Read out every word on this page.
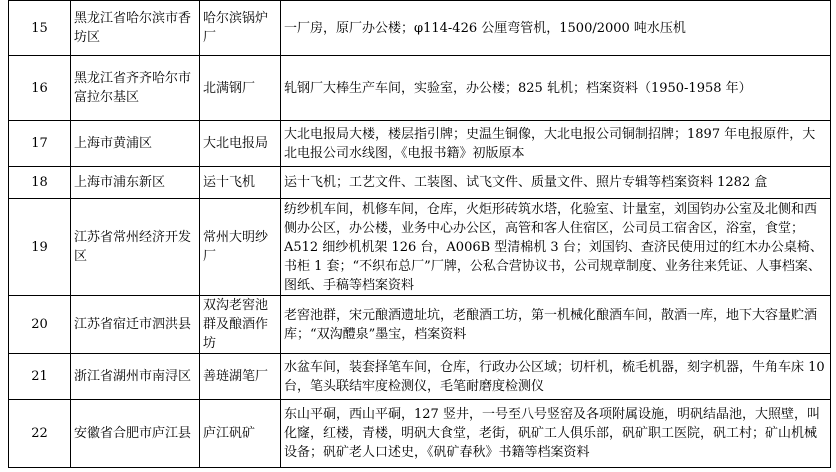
15	黑龙江省哈尔滨市香坊区	哈尔滨锅炉厂	一厂房，原厂办公楼；φ114-426 公厘弯管机，1500/2000 吨水压机
16	黑龙江省齐齐哈尔市富拉尔基区	北满钢厂	轧钢厂大棒生产车间，实验室，办公楼；825 轧机；档案资料（1950-1958 年）
17	上海市黄浦区	大北电报局	大北电报局大楼，楼层指引牌；史温生铜像，大北电报公司铜制招牌；1897 年电报原件，大北电报公司水线图，《电报书籍》初版原本
18	上海市浦东新区	运十飞机	运十飞机；工艺文件、工装图、试飞文件、质量文件、照片专辑等档案资料 1282 盒
19	江苏省常州经济开发区	常州大明纱厂	纺纱机车间，机修车间，仓库，火炬形砖筑水塔，化验室、计量室，刘国钧办公室及北侧和西侧办公区，办公楼，业务中心办公区，高管和客人住宿区，公司员工宿舍区，浴室，食堂；A512 细纱机机架 126 台，A006B 型清棉机 3 台；刘国钧、查济民使用过的红木办公桌椅、书柜 1 套；“不织布总厂”厂牌，公私合营协议书，公司规章制度、业务往来凭证、人事档案、图纸、手稿等档案资料
20	江苏省宿迁市泗洪县	双沟老窖池群及酿酒作坊	老窖池群，宋元酿酒遗址坑，老酿酒工坊，第一机械化酿酒车间，散酒一库，地下大容量贮酒库；“双沟醴泉”墨宝，档案资料
21	浙江省湖州市南浔区	善琏湖笔厂	水盆车间，装套择笔车间，仓库，行政办公区域；切杆机，梳毛机器，刻字机器，牛角车床 10 台，笔头联结牢度检测仪，毛笔耐磨度检测仪
22	安徽省合肥市庐江县	庐江矾矿	东山平硐，西山平硐，127 竖井，一号至八号竖窑及各项附属设施，明矾结晶池，大照壁，叫化窿，红楼，青楼，明矾大食堂，老街，矾矿工人俱乐部，矾矿职工医院，矾工村；矿山机械设备；矾矿老人口述史，《矾矿春秋》书籍等档案资料
